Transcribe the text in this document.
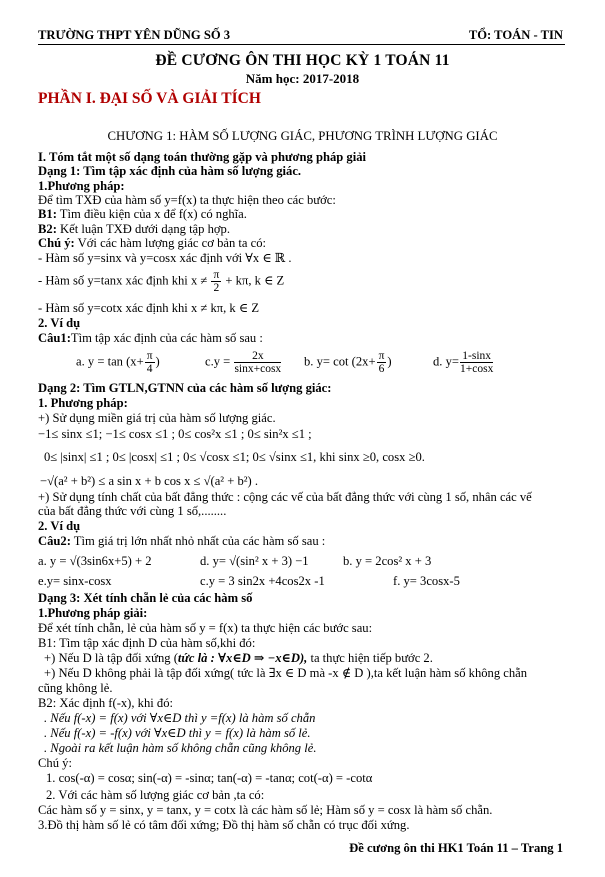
TRƯỜNG THPT YÊN DŨNG SỐ 3	TỔ: TOÁN - TIN
ĐỀ CƯƠNG ÔN THI HỌC KỲ 1 TOÁN 11
Năm học: 2017-2018
PHẦN I. ĐẠI SỐ VÀ GIẢI TÍCH
CHƯƠNG 1: HÀM SỐ LƯỢNG GIÁC, PHƯƠNG TRÌNH LƯỢNG GIÁC
I. Tóm tắt một số dạng toán thường gặp và phương pháp giải
Dạng 1: Tìm tập xác định của hàm số lượng giác.
1.Phương pháp:
Để tìm TXĐ của hàm số y=f(x) ta thực hiện theo các bước:
B1: Tìm điều kiện của x để f(x) có nghĩa.
B2: Kết luận TXĐ dưới dạng tập hợp.
Chú ý: Với các hàm lượng giác cơ bản ta có:
- Hàm số y=sinx và y=cosx xác định với ∀x ∈ ℝ .
- Hàm số y=tanx xác định khi $x \ne \frac{\pi}{2} + k\pi$, k ∈ Z
- Hàm số y=cotx xác định khi x ≠ kπ, k ∈ Z
2. Ví dụ
Câu1:Tìm tập xác định của các hàm số sau :
a. $y = \tan (x+ \frac{\pi}{4}$ )	$c.y = \frac{2x}{\sin x+\cos x} b$. $y= \cot (2x+ \frac{\pi}{6}$ )	d. $y= \frac{1-\sin x}{1+\cos x}$
Dạng 2: Tìm GTLN,GTNN của các hàm số lượng giác:
1. Phương pháp:
+) Sử dụng miền giá trị của hàm số lượng giác.
−1≤ sinx ≤1; −1≤ cosx ≤1 ; 0≤ cos²x ≤1 ; 0≤ sin²x ≤1 ;
0≤ |sinx| ≤1 ; 0≤ |cosx| ≤1 ; 0≤ √cosx ≤1; 0≤ √sinx ≤1, khi sinx ≥0, cosx ≥0.
−√(a² + b²) ≤ a sin x + b cos x ≤ √(a² + b²) .
+) Sử dụng tính chất của bất đẳng thức : cộng các vế của bất đẳng thức với cùng 1 số, nhân các vế
của bất đẳng thức với cùng 1 số,........
2. Ví dụ
Câu2: Tìm giá trị lớn nhất nhỏ nhất của các hàm số sau :
a. y = √(3sin6x+5) + 2	d. y= √(sin² x + 3) −1	b. y = 2cos² x + 3
e.y= sinx-cosx	c.y = 3 sin2x +4cos2x -1	f. y= 3cosx-5
Dạng 3: Xét tính chẵn lẻ của các hàm số
1.Phương pháp giải:
Để xét tính chẵn, lẻ của hàm số y = f(x) ta thực hiện các bước sau:
B1: Tìm tập xác định D của hàm số,khi đó:
+) Nếu D là tập đối xứng (tức là : ∀x∈D ⇒ −x∈D), ta thực hiện tiếp bước 2.
+) Nếu D không phải là tập đối xứng( tức là ∃x ∈ D mà -x ∉ D ),ta kết luận hàm số không chẵn
cũng không lẻ.
B2: Xác định f(-x), khi đó:
. Nếu f(-x) = f(x) với ∀x∈D thì y =f(x) là hàm số chẵn
. Nếu f(-x) = -f(x) với ∀x∈D thì y = f(x) là hàm số lẻ.
. Ngoài ra kết luận hàm số không chẵn cũng không lẻ.
Chú ý:
1. cos(-α) = cosα; sin(-α) = -sinα; tan(-α) = -tanα; cot(-α) = -cotα
2. Với các hàm số lượng giác cơ bản ,ta có:
Các hàm số y = sinx, y = tanx, y = cotx là các hàm số lẻ; Hàm số y = cosx là hàm số chẵn.
3.Đồ thị hàm số lẻ có tâm đối xứng; Đồ thị hàm số chẵn có trục đối xứng.
Đề cương ôn thi HK1 Toán 11 – Trang 1
